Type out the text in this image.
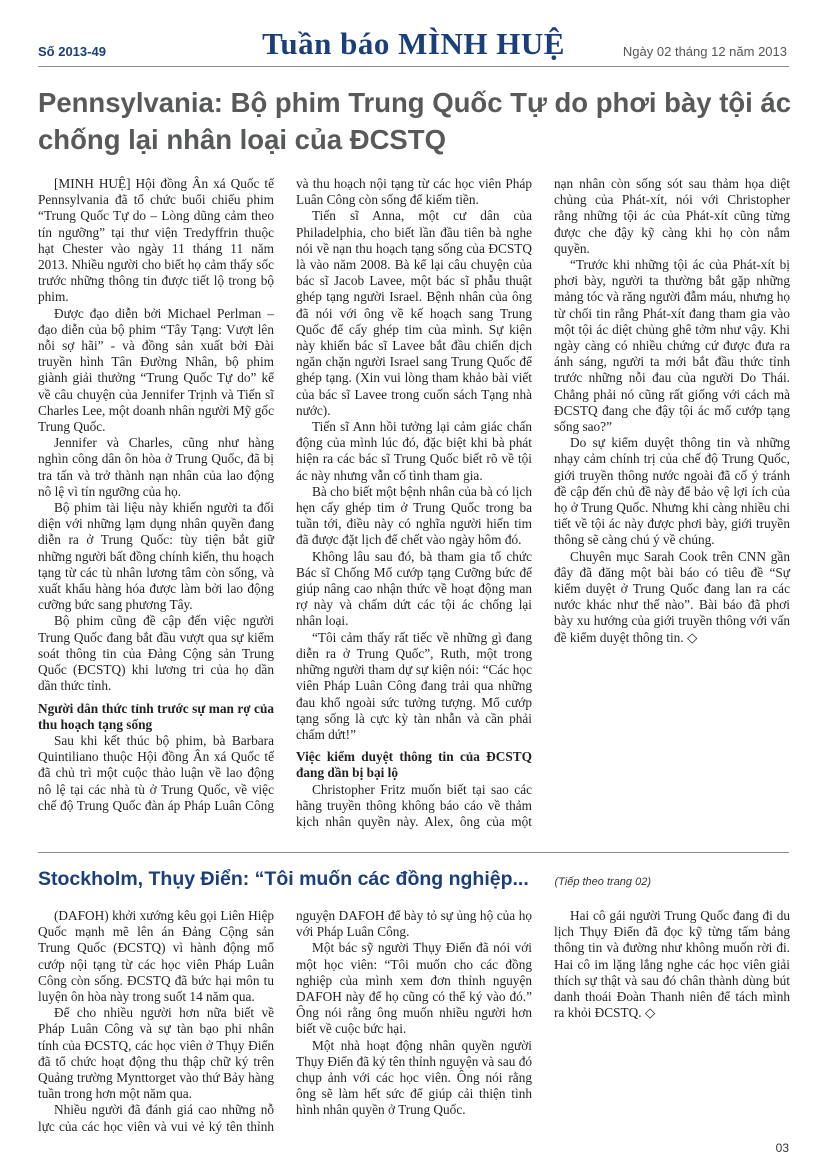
Số 2013-49	Tuần báo MÌNH HUỆ	Ngày 02 tháng 12 năm 2013
Pennsylvania: Bộ phim Trung Quốc Tự do phơi bày tội ác chống lại nhân loại của ĐCSTQ

[MINH HUỆ] Hội đồng Ân xá Quốc tế Pennsylvania đã tổ chức buổi chiếu phim “Trung Quốc Tự do – Lòng dũng cảm theo tín ngưỡng” tại thư viện Tredyffrin thuộc hạt Chester vào ngày 11 tháng 11 năm 2013. Nhiều người cho biết họ cảm thấy sốc trước những thông tin được tiết lộ trong bộ phim.

Được đạo diễn bởi Michael Perlman – đạo diễn của bộ phim “Tây Tạng: Vượt lên nỗi sợ hãi” - và đồng sản xuất bởi Đài truyền hình Tân Đường Nhân, bộ phim giành giải thưởng “Trung Quốc Tự do” kể về câu chuyện của Jennifer Trịnh và Tiến sĩ Charles Lee, một doanh nhân người Mỹ gốc Trung Quốc.

Jennifer và Charles, cũng như hàng nghìn công dân ôn hòa ở Trung Quốc, đã bị tra tấn và trở thành nạn nhân của lao động nô lệ vì tín ngưỡng của họ.

Bộ phim tài liệu này khiến người ta đối diện với những lạm dụng nhân quyền đang diễn ra ở Trung Quốc: tùy tiện bắt giữ những người bất đồng chính kiến, thu hoạch tạng từ các tù nhân lương tâm còn sống, và xuất khẩu hàng hóa được làm bởi lao động cưỡng bức sang phương Tây.

Bộ phim cũng đề cập đến việc người Trung Quốc đang bắt đầu vượt qua sự kiểm soát thông tin của Đảng Cộng sản Trung Quốc (ĐCSTQ) khi lương tri của họ dần dần thức tỉnh.

Người dân thức tỉnh trước sự man rợ của thu hoạch tạng sống

Sau khi kết thúc bộ phim, bà Barbara Quintiliano thuộc Hội đồng Ân xá Quốc tế đã chủ trì một cuộc thảo luận về lao động nô lệ tại các nhà tù ở Trung Quốc, về việc chế độ Trung Quốc đàn áp Pháp Luân Công và thu hoạch nội tạng từ các học viên Pháp Luân Công còn sống để kiếm tiền.

Tiến sĩ Anna, một cư dân của Philadelphia, cho biết lần đầu tiên bà nghe nói về nạn thu hoạch tạng sống của ĐCSTQ là vào năm 2008. Bà kể lại câu chuyện của bác sĩ Jacob Lavee, một bác sĩ phẫu thuật ghép tạng người Israel. Bệnh nhân của ông đã nói với ông về kế hoạch sang Trung Quốc để cấy ghép tim của mình. Sự kiện này khiến bác sĩ Lavee bắt đầu chiến dịch ngăn chặn người Israel sang Trung Quốc để ghép tạng. (Xin vui lòng tham khảo bài viết của bác sĩ Lavee trong cuốn sách Tạng nhà nước).

Tiến sĩ Ann hồi tưởng lại cảm giác chấn động của mình lúc đó, đặc biệt khi bà phát hiện ra các bác sĩ Trung Quốc biết rõ về tội ác này nhưng vẫn cố tình tham gia.

Bà cho biết một bệnh nhân của bà có lịch hẹn cấy ghép tim ở Trung Quốc trong ba tuần tới, điều này có nghĩa người hiến tim đã được đặt lịch để chết vào ngày hôm đó.

Không lâu sau đó, bà tham gia tổ chức Bác sĩ Chống Mổ cướp tạng Cưỡng bức để giúp nâng cao nhận thức về hoạt động man rợ này và chấm dứt các tội ác chống lại nhân loại.

“Tôi cảm thấy rất tiếc về những gì đang diễn ra ở Trung Quốc”, Ruth, một trong những người tham dự sự kiện nói: “Các học viên Pháp Luân Công đang trải qua những đau khổ ngoài sức tưởng tượng. Mổ cướp tạng sống là cực kỳ tàn nhẫn và cần phải chấm dứt!”

Việc kiểm duyệt thông tin của ĐCSTQ đang dần bị bại lộ

Christopher Fritz muốn biết tại sao các hãng truyền thông không báo cáo về thảm kịch nhân quyền này. Alex, ông của một nạn nhân còn sống sót sau thảm họa diệt chủng của Phát-xít, nói với Christopher rằng những tội ác của Phát-xít cũng từng được che đậy kỹ càng khi họ còn nắm quyền.

“Trước khi những tội ác của Phát-xít bị phơi bày, người ta thường bắt gặp những mảng tóc và răng người đẫm máu, nhưng họ từ chối tin rằng Phát-xít đang tham gia vào một tội ác diệt chủng ghê tởm như vậy. Khi ngày càng có nhiều chứng cứ được đưa ra ánh sáng, người ta mới bắt đầu thức tỉnh trước những nỗi đau của người Do Thái. Chẳng phải nó cũng rất giống với cách mà ĐCSTQ đang che đậy tội ác mổ cướp tạng sống sao?”

Do sự kiểm duyệt thông tin và những nhạy cảm chính trị của chế độ Trung Quốc, giới truyền thông nước ngoài đã cố ý tránh đề cập đến chủ đề này để bảo vệ lợi ích của họ ở Trung Quốc. Nhưng khi càng nhiều chi tiết về tội ác này được phơi bày, giới truyền thông sẽ càng chú ý về chúng.

Chuyên mục Sarah Cook trên CNN gần đây đã đăng một bài báo có tiêu đề “Sự kiểm duyệt ở Trung Quốc đang lan ra các nước khác như thế nào”. Bài báo đã phơi bày xu hướng của giới truyền thông với vấn đề kiểm duyệt thông tin. ◇

Stockholm, Thụy Điển: “Tôi muốn các đồng nghiệp... (Tiếp theo trang 02)

(DAFOH) khởi xướng kêu gọi Liên Hiệp Quốc mạnh mẽ lên án Đảng Cộng sản Trung Quốc (ĐCSTQ) vì hành động mổ cướp nội tạng từ các học viên Pháp Luân Công còn sống. ĐCSTQ đã bức hại môn tu luyện ôn hòa này trong suốt 14 năm qua.

Để cho nhiều người hơn nữa biết về Pháp Luân Công và sự tàn bạo phi nhân tính của ĐCSTQ, các học viên ở Thụy Điển đã tổ chức hoạt động thu thập chữ ký trên Quảng trường Mynttorget vào thứ Bảy hàng tuần trong hơn một năm qua.

Nhiều người đã đánh giá cao những nỗ lực của các học viên và vui vẻ ký tên thỉnh nguyện DAFOH để bày tỏ sự ủng hộ của họ với Pháp Luân Công.

Một bác sỹ người Thụy Điển đã nói với một học viên: “Tôi muốn cho các đồng nghiệp của mình xem đơn thỉnh nguyện DAFOH này để họ cũng có thể ký vào đó.” Ông nói rằng ông muốn nhiều người hơn biết về cuộc bức hại.

Một nhà hoạt động nhân quyền người Thụy Điển đã ký tên thỉnh nguyện và sau đó chụp ảnh với các học viên. Ông nói rằng ông sẽ làm hết sức để giúp cải thiện tình hình nhân quyền ở Trung Quốc.

Hai cô gái người Trung Quốc đang đi du lịch Thụy Điển đã đọc kỹ từng tấm bảng thông tin và đường như không muốn rời đi. Hai cô im lặng lắng nghe các học viên giải thích sự thật và sau đó chân thành dùng bút danh thoái Đoàn Thanh niên để tách mình ra khỏi ĐCSTQ. ◇

03
